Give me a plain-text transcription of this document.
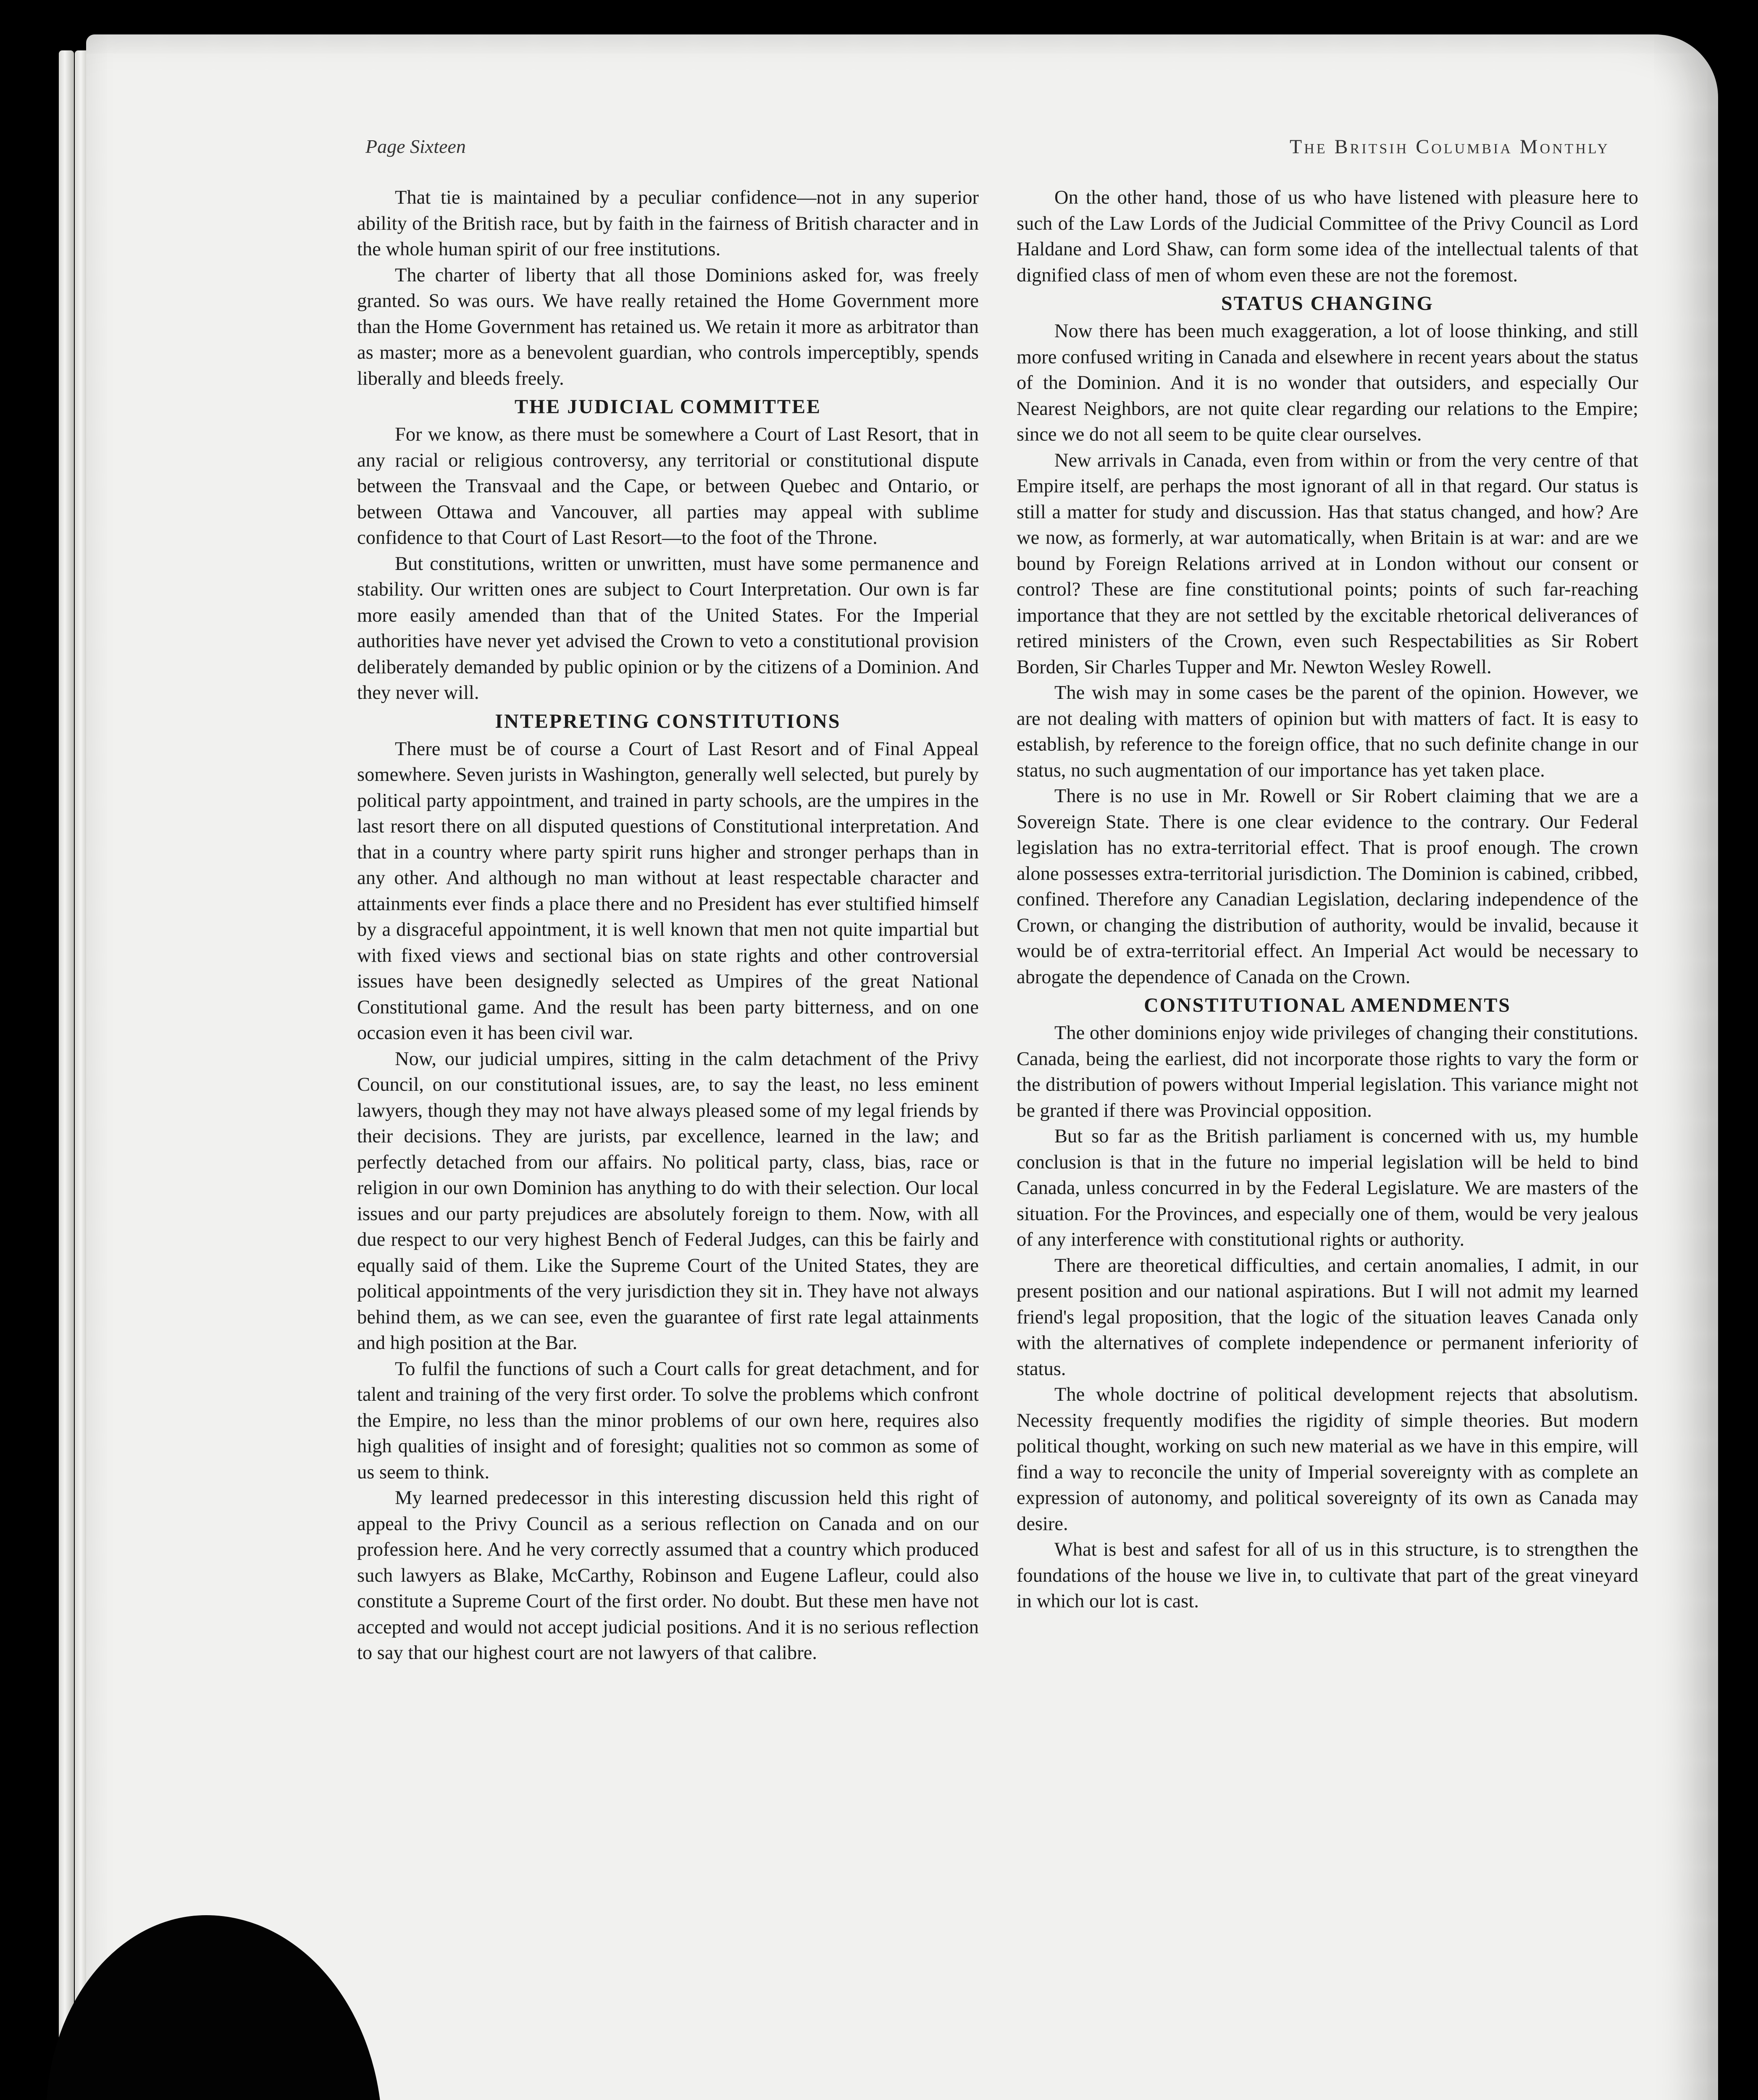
Page Sixteen	The Britsih Columbia Monthly

That tie is maintained by a peculiar confidence—not in any superior ability of the British race, but by faith in the fairness of British character and in the whole human spirit of our free institutions.

The charter of liberty that all those Dominions asked for, was freely granted. So was ours. We have really retained the Home Government more than the Home Government has retained us. We retain it more as arbitrator than as master; more as a benevolent guardian, who controls imperceptibly, spends liberally and bleeds freely.

THE JUDICIAL COMMITTEE

For we know, as there must be somewhere a Court of Last Resort, that in any racial or religious controversy, any territorial or constitutional dispute between the Transvaal and the Cape, or between Quebec and Ontario, or between Ottawa and Vancouver, all parties may appeal with sublime confidence to that Court of Last Resort—to the foot of the Throne.

But constitutions, written or unwritten, must have some permanence and stability. Our written ones are subject to Court Interpretation. Our own is far more easily amended than that of the United States. For the Imperial authorities have never yet advised the Crown to veto a constitutional provision deliberately demanded by public opinion or by the citizens of a Dominion. And they never will.

INTEPRETING CONSTITUTIONS

There must be of course a Court of Last Resort and of Final Appeal somewhere. Seven jurists in Washington, generally well selected, but purely by political party appointment, and trained in party schools, are the umpires in the last resort there on all disputed questions of Constitutional interpretation. And that in a country where party spirit runs higher and stronger perhaps than in any other. And although no man without at least respectable character and attainments ever finds a place there and no President has ever stultified himself by a disgraceful appointment, it is well known that men not quite impartial but with fixed views and sectional bias on state rights and other controversial issues have been designedly selected as Umpires of the great National Constitutional game. And the result has been party bitterness, and on one occasion even it has been civil war.

Now, our judicial umpires, sitting in the calm detachment of the Privy Council, on our constitutional issues, are, to say the least, no less eminent lawyers, though they may not have always pleased some of my legal friends by their decisions. They are jurists, par excellence, learned in the law; and perfectly detached from our affairs. No political party, class, bias, race or religion in our own Dominion has anything to do with their selection. Our local issues and our party prejudices are absolutely foreign to them. Now, with all due respect to our very highest Bench of Federal Judges, can this be fairly and equally said of them. Like the Supreme Court of the United States, they are political appointments of the very jurisdiction they sit in. They have not always behind them, as we can see, even the guarantee of first rate legal attainments and high position at the Bar.

To fulfil the functions of such a Court calls for great detachment, and for talent and training of the very first order. To solve the problems which confront the Empire, no less than the minor problems of our own here, requires also high qualities of insight and of foresight; qualities not so common as some of us seem to think.

My learned predecessor in this interesting discussion held this right of appeal to the Privy Council as a serious reflection on Canada and on our profession here. And he very correctly assumed that a country which produced such lawyers as Blake, McCarthy, Robinson and Eugene Lafleur, could also constitute a Supreme Court of the first order. No doubt. But these men have not accepted and would not accept judicial positions. And it is no serious reflection to say that our highest court are not lawyers of that calibre.

On the other hand, those of us who have listened with pleasure here to such of the Law Lords of the Judicial Committee of the Privy Council as Lord Haldane and Lord Shaw, can form some idea of the intellectual talents of that dignified class of men of whom even these are not the foremost.

STATUS CHANGING

Now there has been much exaggeration, a lot of loose thinking, and still more confused writing in Canada and elsewhere in recent years about the status of the Dominion. And it is no wonder that outsiders, and especially Our Nearest Neighbors, are not quite clear regarding our relations to the Empire; since we do not all seem to be quite clear ourselves.

New arrivals in Canada, even from within or from the very centre of that Empire itself, are perhaps the most ignorant of all in that regard. Our status is still a matter for study and discussion. Has that status changed, and how? Are we now, as formerly, at war automatically, when Britain is at war: and are we bound by Foreign Relations arrived at in London without our consent or control? These are fine constitutional points; points of such far-reaching importance that they are not settled by the excitable rhetorical deliverances of retired ministers of the Crown, even such Respectabilities as Sir Robert Borden, Sir Charles Tupper and Mr. Newton Wesley Rowell.

The wish may in some cases be the parent of the opinion. However, we are not dealing with matters of opinion but with matters of fact. It is easy to establish, by reference to the foreign office, that no such definite change in our status, no such augmentation of our importance has yet taken place.

There is no use in Mr. Rowell or Sir Robert claiming that we are a Sovereign State. There is one clear evidence to the contrary. Our Federal legislation has no extra-territorial effect. That is proof enough. The crown alone possesses extra-territorial jurisdiction. The Dominion is cabined, cribbed, confined. Therefore any Canadian Legislation, declaring independence of the Crown, or changing the distribution of authority, would be invalid, because it would be of extra-territorial effect. An Imperial Act would be necessary to abrogate the dependence of Canada on the Crown.

CONSTITUTIONAL AMENDMENTS

The other dominions enjoy wide privileges of changing their constitutions. Canada, being the earliest, did not incorporate those rights to vary the form or the distribution of powers without Imperial legislation. This variance might not be granted if there was Provincial opposition.

But so far as the British parliament is concerned with us, my humble conclusion is that in the future no imperial legislation will be held to bind Canada, unless concurred in by the Federal Legislature. We are masters of the situation. For the Provinces, and especially one of them, would be very jealous of any interference with constitutional rights or authority.

There are theoretical difficulties, and certain anomalies, I admit, in our present position and our national aspirations. But I will not admit my learned friend's legal proposition, that the logic of the situation leaves Canada only with the alternatives of complete independence or permanent inferiority of status.

The whole doctrine of political development rejects that absolutism. Necessity frequently modifies the rigidity of simple theories. But modern political thought, working on such new material as we have in this empire, will find a way to reconcile the unity of Imperial sovereignty with as complete an expression of autonomy, and political sovereignty of its own as Canada may desire.

What is best and safest for all of us in this structure, is to strengthen the foundations of the house we live in, to cultivate that part of the great vineyard in which our lot is cast.
